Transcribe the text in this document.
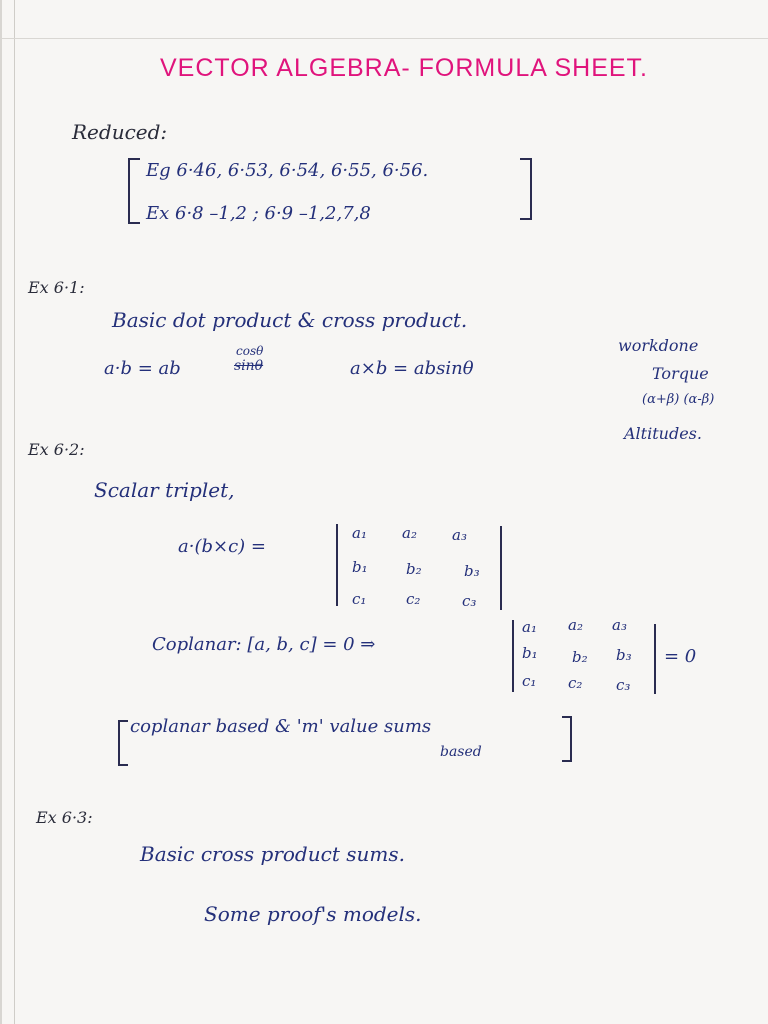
VECTOR ALGEBRA- FORMULA SHEET.
Reduced:
Eg 6·46, 6·53, 6·54, 6·55, 6·56.
Ex 6·8 –1,2 ; 6·9 –1,2,7,8
Ex 6·1:
Basic dot product & cross product.
a·b = ab
cosθ
sinθ	a×b = absinθ
workdone
Torque
(α+β) (α-β)
Altitudes.
Ex 6·2:
Scalar triplet,
a·(b×c) =
a₁ a₂ a₃
b₁	b₂	b₃
c₁	c₂	c₃
Coplanar: [a, b, c] = 0 ⇒
a₁ a₂ a₃
b₁ b₂ b₃
c₁ c₂ c₃
= 0
coplanar based & 'm' value sums
based
Ex 6·3:
Basic cross product sums.
Some proof's models.
